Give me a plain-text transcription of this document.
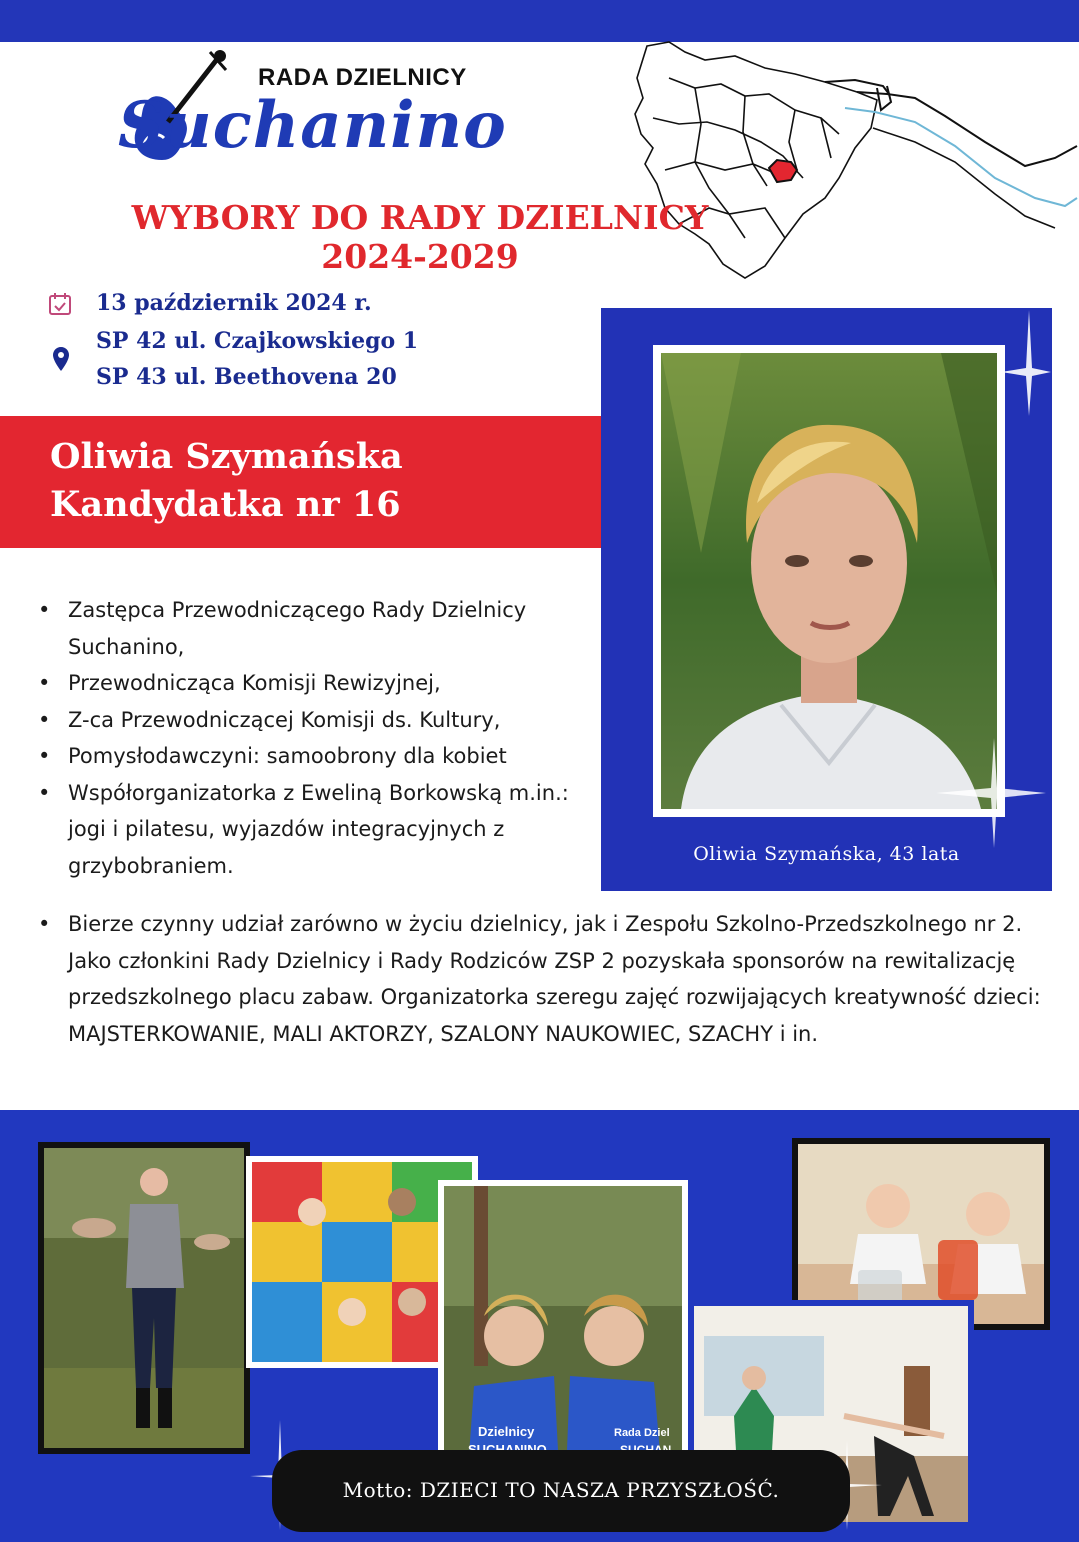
RADA DZIELNICY
Suchanino
WYBORY DO RADY DZIELNICY
2024-2029
13 październik 2024 r.
SP 42 ul. Czajkowskiego 1
SP 43 ul. Beethovena 20
Oliwia Szymańska
Kandydatka nr 16
Oliwia Szymańska, 43 lata
• Zastępca Przewodniczącego Rady Dzielnicy Suchanino,
• Przewodnicząca Komisji Rewizyjnej,
• Z-ca Przewodniczącej Komisji ds. Kultury,
• Pomysłodawczyni: samoobrony dla kobiet
• Współorganizatorka z Eweliną Borkowską m.in.: jogi i pilatesu, wyjazdów integracyjnych z grzybobraniem.
• Bierze czynny udział zarówno w życiu dzielnicy, jak i Zespołu Szkolno-Przedszkolnego nr 2. Jako członkini Rady Dzielnicy i Rady Rodziców ZSP 2 pozyskała sponsorów na rewitalizację przedszkolnego placu zabaw. Organizatorka szeregu zajęć rozwijających kreatywność dzieci: MAJSTERKOWANIE, MALI AKTORZY, SZALONY NAUKOWIEC, SZACHY i in.
Dzielnicy	Rada Dziel
Motto: DZIECI TO NASZA PRZYSZŁOŚĆ.
